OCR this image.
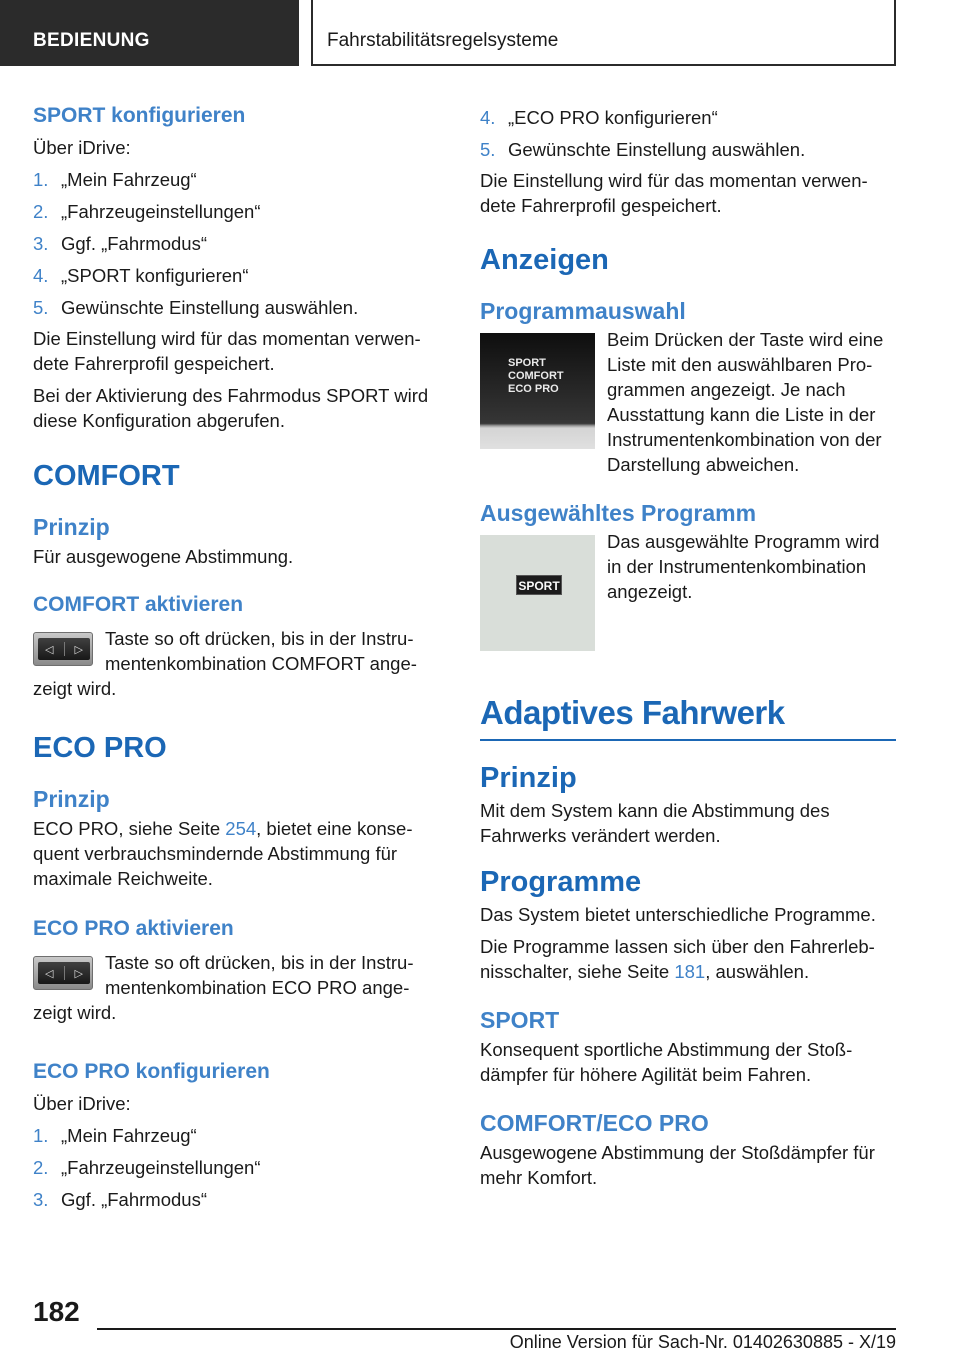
BEDIENUNG	Fahrstabilitätsregelsysteme
SPORT konfigurieren
Über iDrive:
1. „Mein Fahrzeug“
2. „Fahrzeugeinstellungen“
3. Ggf. „Fahrmodus“
4. „SPORT konfigurieren“
5. Gewünschte Einstellung auswählen.
Die Einstellung wird für das momentan verwen-dete Fahrerprofil gespeichert.
Bei der Aktivierung des Fahrmodus SPORT wird diese Konfiguration abgerufen.
COMFORT
Prinzip
Für ausgewogene Abstimmung.
COMFORT aktivieren
◁ ▷
Taste so oft drücken, bis in der Instru-mentenkombination COMFORT ange-zeigt wird.
ECO PRO
Prinzip
ECO PRO, siehe Seite 254, bietet eine konse-quent verbrauchsmindernde Abstimmung für maximale Reichweite.
ECO PRO aktivieren
◁ ▷
Taste so oft drücken, bis in der Instru-mentenkombination ECO PRO ange-zeigt wird.
ECO PRO konfigurieren
Über iDrive:
1. „Mein Fahrzeug“
2. „Fahrzeugeinstellungen“
3. Ggf. „Fahrmodus“
4. „ECO PRO konfigurieren“
5. Gewünschte Einstellung auswählen.
Die Einstellung wird für das momentan verwen-dete Fahrerprofil gespeichert.
Anzeigen
Programmauswahl
SPORT
COMFORT
ECO PRO
Beim Drücken der Taste wird eine Liste mit den auswählbaren Pro-grammen angezeigt. Je nach Ausstattung kann die Liste in der Instrumentenkombination von der Darstellung abweichen.
Ausgewähltes Programm
SPORT
Das ausgewählte Programm wird in der Instrumentenkombination angezeigt.
Adaptives Fahrwerk
Prinzip
Mit dem System kann die Abstimmung des Fahrwerks verändert werden.
Programme
Das System bietet unterschiedliche Programme.
Die Programme lassen sich über den Fahrerleb-nisschalter, siehe Seite 181, auswählen.
SPORT
Konsequent sportliche Abstimmung der Stoß-dämpfer für höhere Agilität beim Fahren.
COMFORT/ECO PRO
Ausgewogene Abstimmung der Stoßdämpfer für mehr Komfort.
182
Online Version für Sach-Nr. 01402630885 - X/19
